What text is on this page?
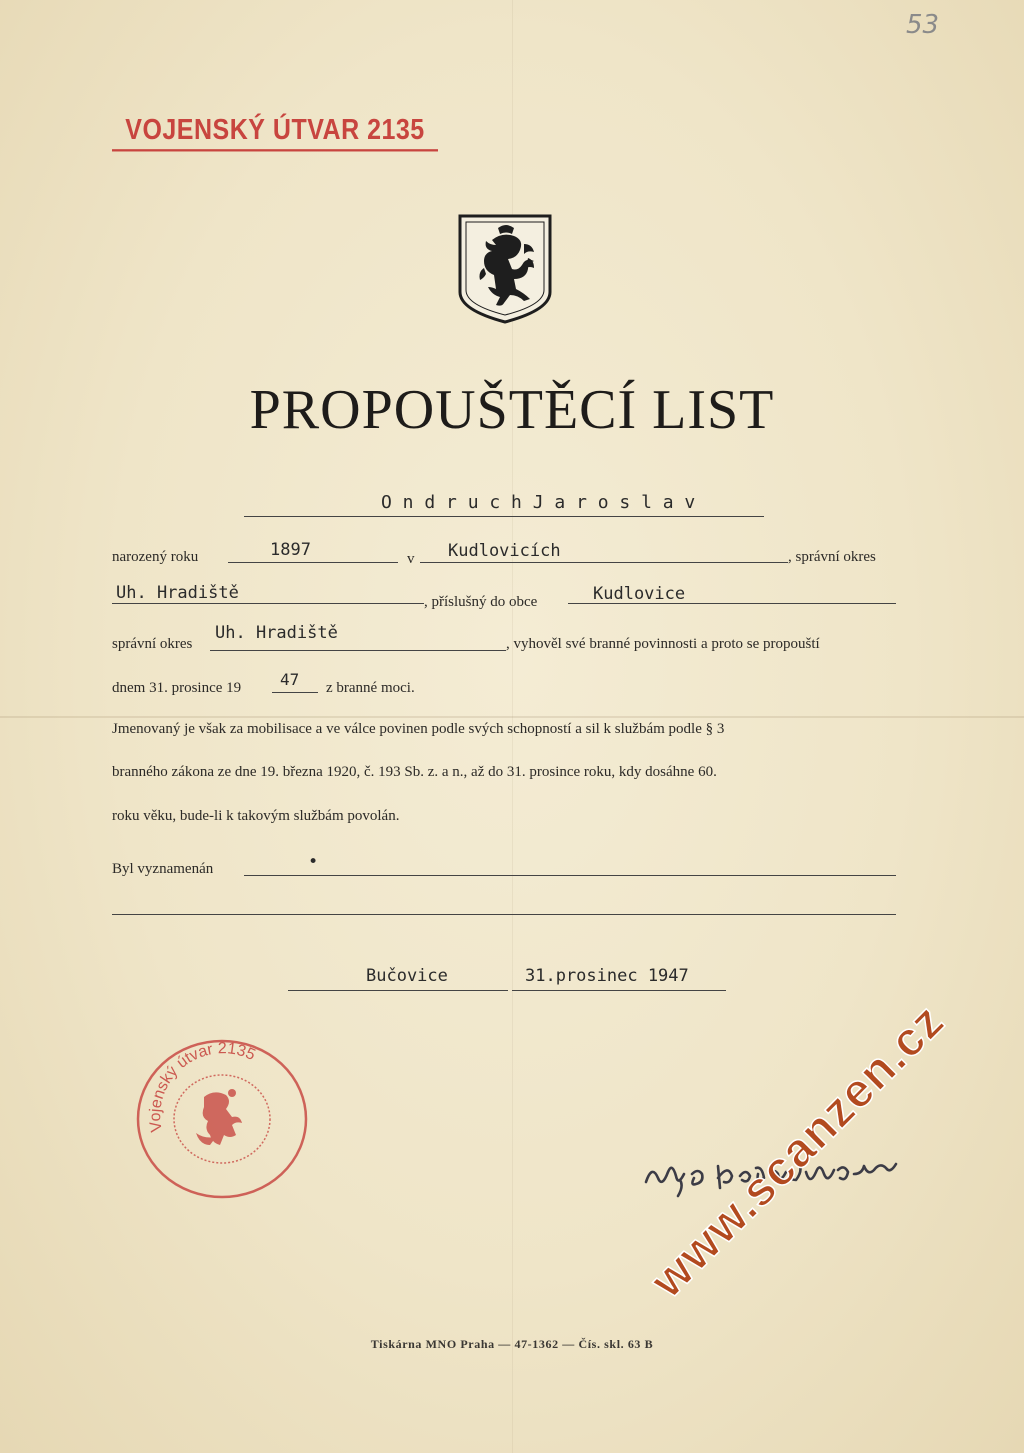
53
VOJENSKÝ ÚTVAR 2135
PROPOUŠTĚCÍ LIST
O n d r u c h J a r o s l a v
narozený roku	1897	v Kudlovicích	, správní okres
Uh. Hradiště	, příslušný do obce	Kudlovice
správní okres
Uh. Hradiště
, vyhověl své branné povinnosti a proto se propouští
dnem 31. prosince 19 47 z branné moci.
Jmenovaný je však za mobilisace a ve válce povinen podle svých schopností a sil k službám podle § 3
branného zákona ze dne 19. března 1920, č. 193 Sb. z. a n., až do 31. prosince roku, kdy dosáhne 60.
roku věku, bude-li k takovým službám povolán.
Byl vyznamenán	•
Bučovice	31.prosinec 1947
Vojenský útvar 2135
Tiskárna MNO Praha — 47-1362 — Čís. skl. 63 B
www.scanzen.cz
